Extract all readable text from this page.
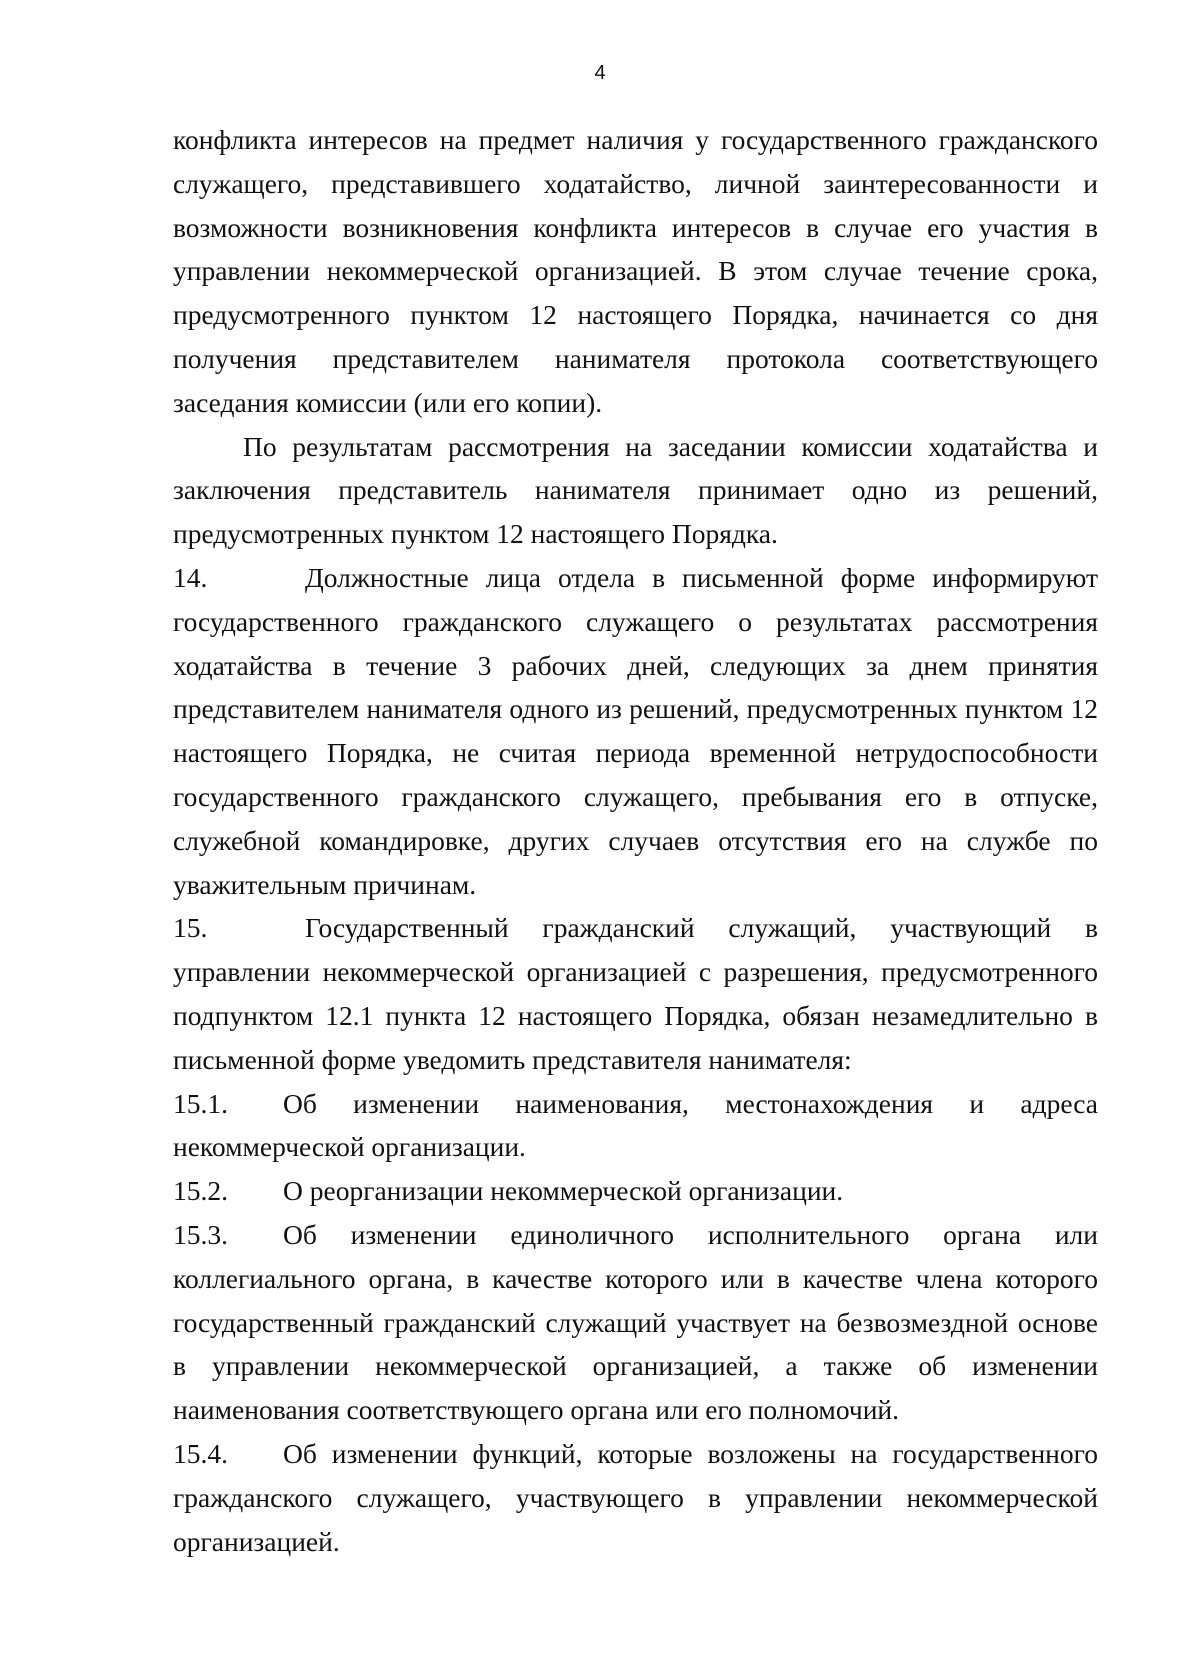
4

конфликта интересов на предмет наличия у государственного гражданского служащего, представившего ходатайство, личной заинтересованности и возможности возникновения конфликта интересов в случае его участия в управлении некоммерческой организацией. В этом случае течение срока, предусмотренного пунктом 12 настоящего Порядка, начинается со дня получения представителем нанимателя протокола соответствующего заседания комиссии (или его копии).

По результатам рассмотрения на заседании комиссии ходатайства и заключения представитель нанимателя принимает одно из решений, предусмотренных пунктом 12 настоящего Порядка.

14.	Должностные лица отдела в письменной форме информируют государственного гражданского служащего о результатах рассмотрения ходатайства в течение 3 рабочих дней, следующих за днем принятия представителем нанимателя одного из решений, предусмотренных пунктом 12 настоящего Порядка, не считая периода временной нетрудоспособности государственного гражданского служащего, пребывания его в отпуске, служебной командировке, других случаев отсутствия его на службе по уважительным причинам.

15.	Государственный гражданский служащий, участвующий в управлении некоммерческой организацией с разрешения, предусмотренного подпунктом 12.1 пункта 12 настоящего Порядка, обязан незамедлительно в письменной форме уведомить представителя нанимателя:

15.1. Об изменении наименования, местонахождения и адреса некоммерческой организации.

15.2. О реорганизации некоммерческой организации.

15.3. Об изменении единоличного исполнительного органа или коллегиального органа, в качестве которого или в качестве члена которого государственный гражданский служащий участвует на безвозмездной основе в управлении некоммерческой организацией, а также об изменении наименования соответствующего органа или его полномочий.

15.4. Об изменении функций, которые возложены на государственного гражданского служащего, участвующего в управлении некоммерческой организацией.
